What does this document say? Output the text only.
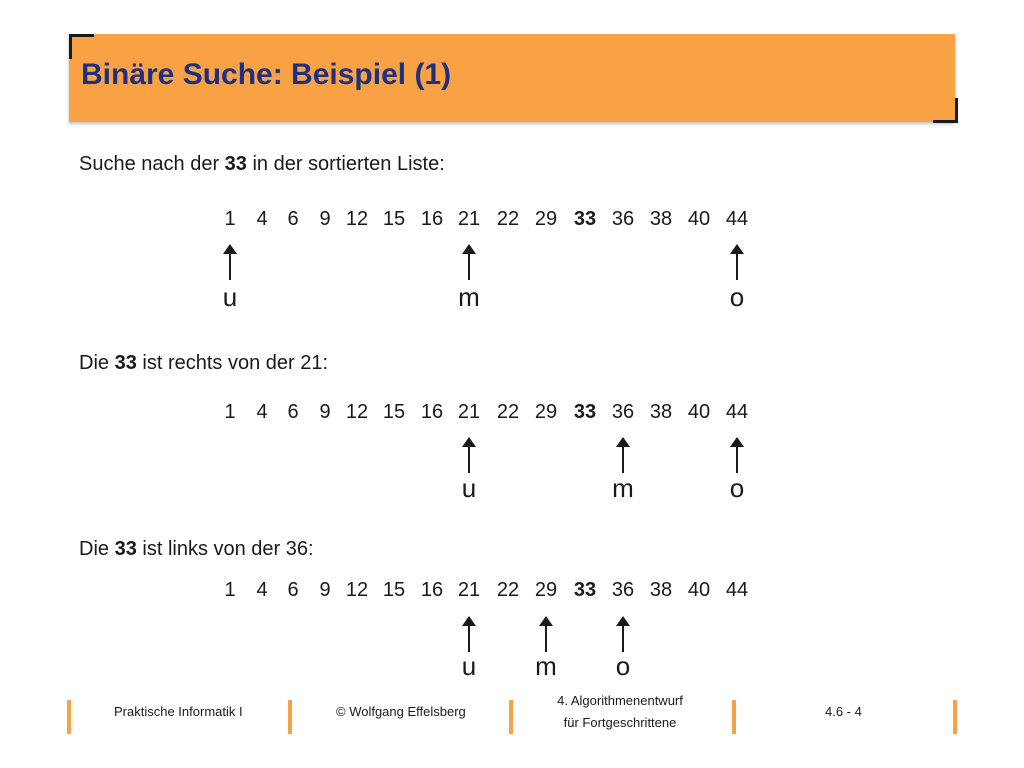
Binäre Suche: Beispiel (1)
Suche nach der 33 in der sortierten Liste:
1 4 6 9 12 15 16 21 22 29 33 36 38 40 44
Die 33 ist rechts von der 21:
1 4 6 9 12 15 16 21 22 29 33 36 38 40 44
Die 33 ist links von der 36:
1 4 6 9 12 15 16 21 22 29 33 36 38 40 44
Praktische Informatik I	© Wolfgang Effelsberg
4. Algorithmenentwurf
für Fortgeschrittene
4.6 - 4
u	m	o
u	m	o
u m o
